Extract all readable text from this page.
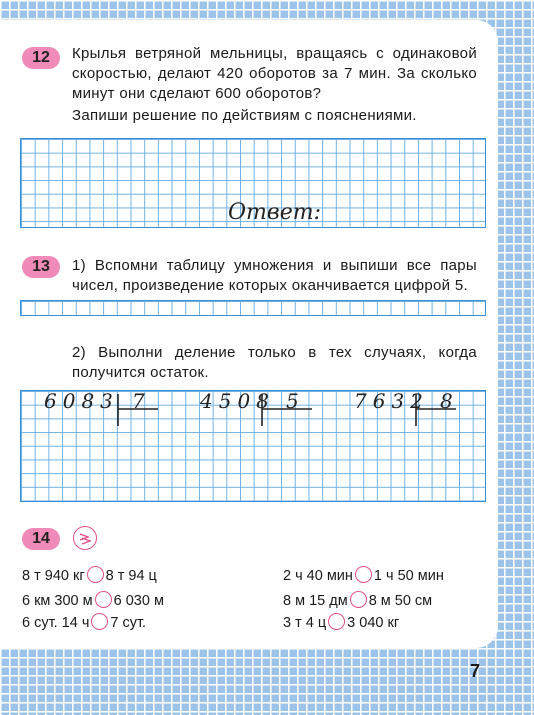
12	Крылья ветряной мельницы, вращаясь с одинаковой скоростью, делают 420 оборотов за 7 мин. За сколько минут они сделают 600 оборотов?
Запиши решение по действиям с пояснениями.
Ответ:
13	1) Вспомни таблицу умножения и выпиши все пары чисел, произведение которых оканчивается цифрой 5.
2) Выполни деление только в тех случаях, когда получится остаток.
6083 7 4508 5 7632 8
14
8 т 940 кг 8 т 94 ц
6 км 300 м 6 030 м
6 сут. 14 ч 7 сут.
2 ч 40 мин 1 ч 50 мин
8 м 15 дм 8 м 50 см
3 т 4 ц 3 040 кг
7
